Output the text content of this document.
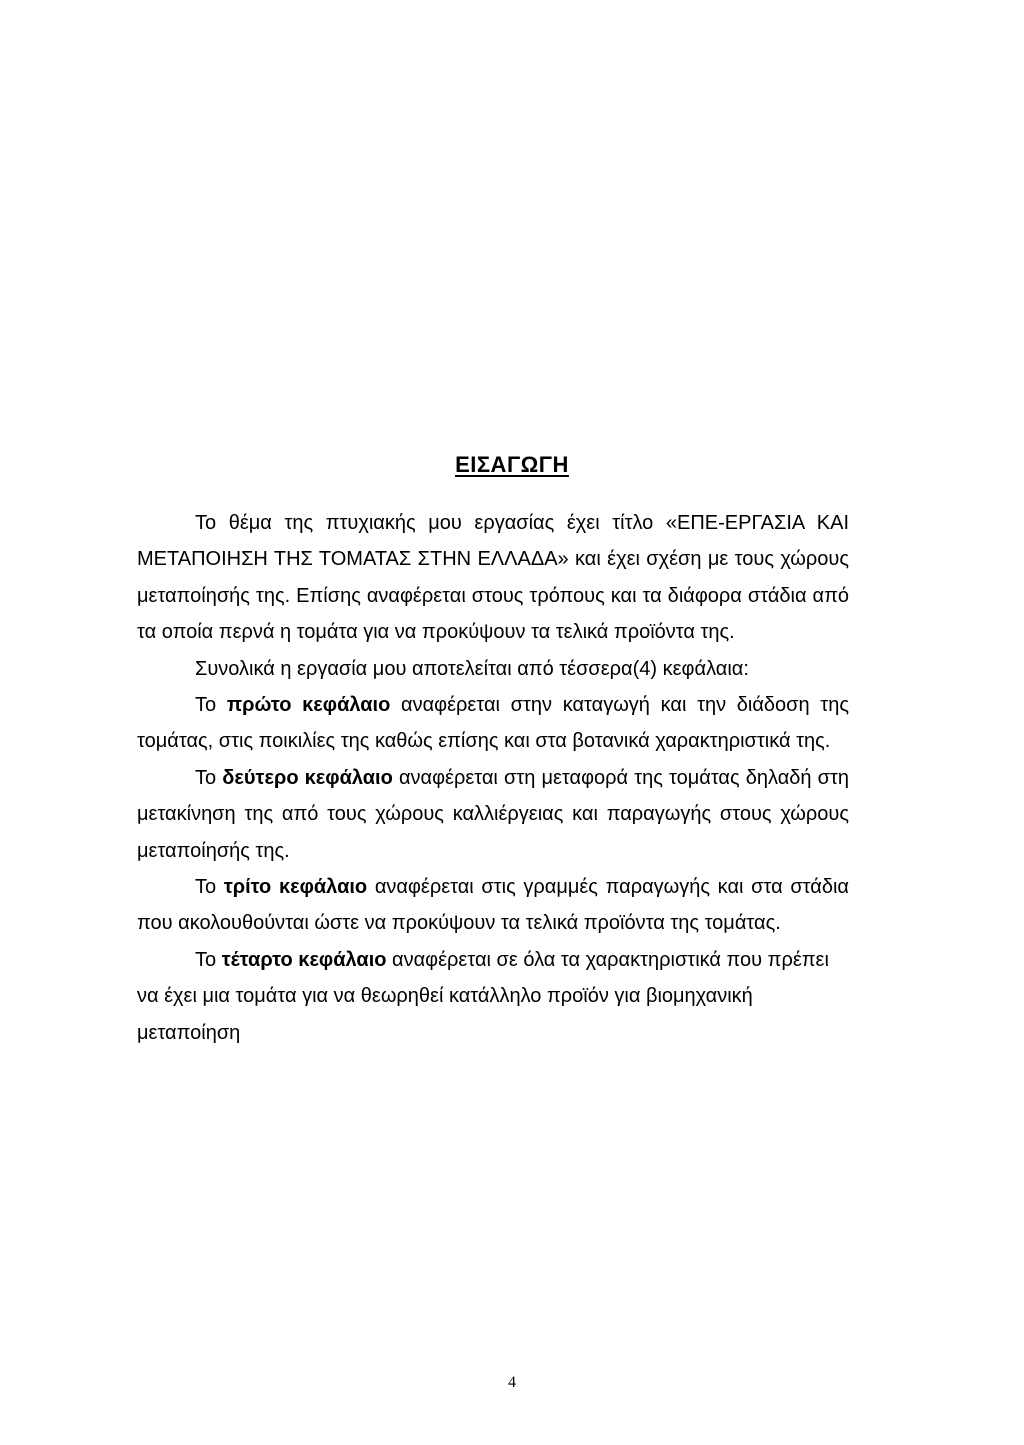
ΕΙΣΑΓΩΓΗ

Το θέμα της πτυχιακής μου εργασίας έχει τίτλο «ΕΠΕ-ΕΡΓΑΣΙΑ ΚΑΙ ΜΕΤΑΠΟΙΗΣΗ ΤΗΣ ΤΟΜΑΤΑΣ ΣΤΗΝ ΕΛΛΑΔΑ» και έχει σχέση με τους χώρους μεταποίησής της. Επίσης αναφέρεται στους τρόπους και τα διάφορα στάδια από τα οποία περνά η τομάτα για να προκύψουν τα τελικά προϊόντα της.

Συνολικά η εργασία μου αποτελείται από τέσσερα(4) κεφάλαια:

Το πρώτο κεφάλαιο αναφέρεται στην καταγωγή και την διάδοση της τομάτας, στις ποικιλίες της καθώς επίσης και στα βοτανικά χαρακτηριστικά της.

Το δεύτερο κεφάλαιο αναφέρεται στη μεταφορά της τομάτας δηλαδή στη μετακίνηση της από τους χώρους καλλιέργειας και παραγωγής στους χώρους μεταποίησής της.

Το τρίτο κεφάλαιο αναφέρεται στις γραμμές παραγωγής και στα στάδια που ακολουθούνται ώστε να προκύψουν τα τελικά προϊόντα της τομάτας.

Το τέταρτο κεφάλαιο αναφέρεται σε όλα τα χαρακτηριστικά που πρέπει να έχει μια τομάτα για να θεωρηθεί κατάλληλο προϊόν για βιομηχανική μεταποίηση

4
